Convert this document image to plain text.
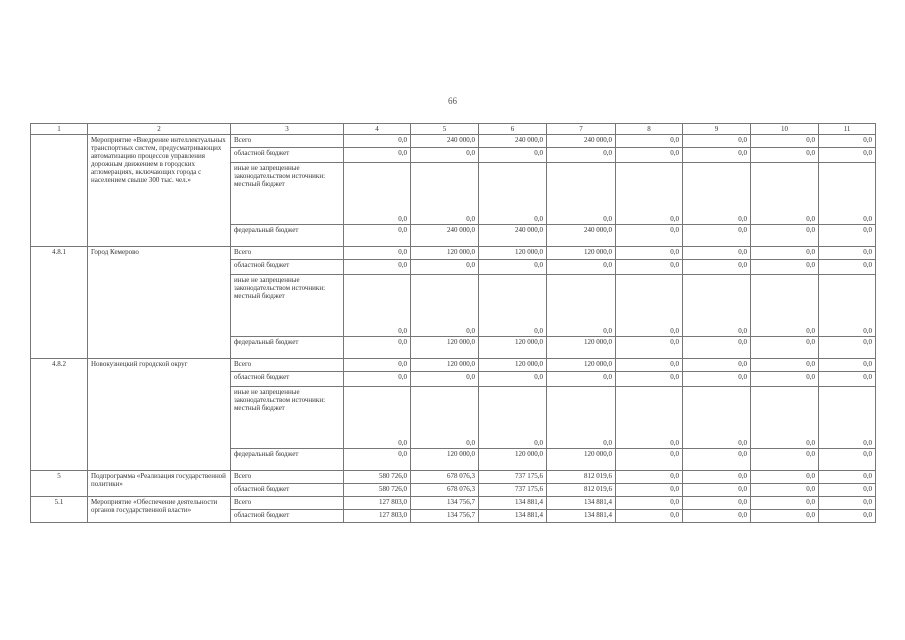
66
1	2	3	4	5	6	7	8	9	10	11
	Мероприятие «Внедрение интеллектуальных транспортных систем, предусматривающих автоматизацию процессов управления дорожным движением в городских агломерациях, включающих города с населением свыше 300 тыс. чел.»	Всего	0,0	240 000,0	240 000,0	240 000,0	0,0	0,0	0,0	0,0

		областной бюджет	0,0	0,0	0,0	0,0	0,0	0,0	0,0	0,0

		иные не запрещенные законодательством источники:
местный бюджет	0,0	0,0	0,0	0,0	0,0	0,0	0,0	0,0

		федеральный бюджет	0,0	240 000,0	240 000,0	240 000,0	0,0	0,0	0,0	0,0

4.8.1	Город Кемерово	Всего	0,0	120 000,0	120 000,0	120 000,0	0,0	0,0	0,0	0,0

		областной бюджет	0,0	0,0	0,0	0,0	0,0	0,0	0,0	0,0

		иные не запрещенные законодательством источники:
местный бюджет	0,0	0,0	0,0	0,0	0,0	0,0	0,0	0,0

		федеральный бюджет	0,0	120 000,0	120 000,0	120 000,0	0,0	0,0	0,0	0,0

4.8.2	Новокузнецкий городской округ	Всего	0,0	120 000,0	120 000,0	120 000,0	0,0	0,0	0,0	0,0

		областной бюджет	0,0	0,0	0,0	0,0	0,0	0,0	0,0	0,0

		иные не запрещенные законодательством источники:
местный бюджет	0,0	0,0	0,0	0,0	0,0	0,0	0,0	0,0

		федеральный бюджет	0,0	120 000,0	120 000,0	120 000,0	0,0	0,0	0,0	0,0

5	Подпрограмма «Реализация государственной политики»	Всего	580 726,0	678 076,3	737 175,6	812 019,6	0,0	0,0	0,0	0,0

		областной бюджет	580 726,0	678 076,3	737 175,6	812 019,6	0,0	0,0	0,0	0,0

5.1	Мероприятие «Обеспечение деятельности органов государственной власти»	Всего	127 803,0	134 756,7	134 881,4	134 881,4	0,0	0,0	0,0	0,0

		областной бюджет	127 803,0	134 756,7	134 881,4	134 881,4	0,0	0,0	0,0	0,0
